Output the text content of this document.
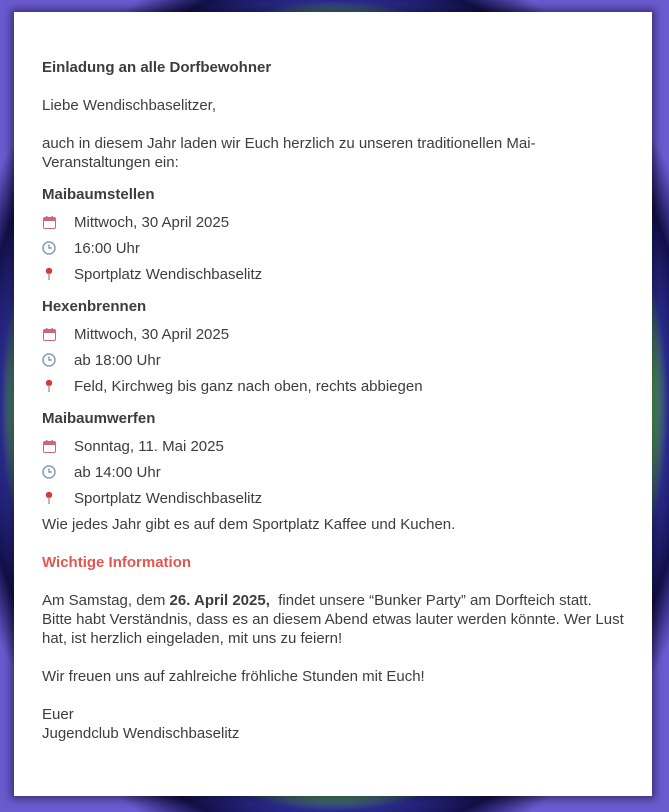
Einladung an alle Dorfbewohner

Liebe Wendischbaselitzer,

auch in diesem Jahr laden wir Euch herzlich zu unseren traditionellen Mai-Veranstaltungen ein:

Maibaumstellen

Mittwoch, 30 April 2025
16:00 Uhr
Sportplatz Wendischbaselitz

Hexenbrennen

Mittwoch, 30 April 2025
ab 18:00 Uhr
Feld, Kirchweg bis ganz nach oben, rechts abbiegen

Maibaumwerfen

Sonntag, 11. Mai 2025
ab 14:00 Uhr
Sportplatz Wendischbaselitz

Wie jedes Jahr gibt es auf dem Sportplatz Kaffee und Kuchen.

Wichtige Information

Am Samstag, dem 26. April 2025,  findet unsere “Bunker Party” am Dorfteich statt. Bitte habt Verständnis, dass es an diesem Abend etwas lauter werden könnte. Wer Lust hat, ist herzlich eingeladen, mit uns zu feiern!

Wir freuen uns auf zahlreiche fröhliche Stunden mit Euch!

Euer

Jugendclub Wendischbaselitz
